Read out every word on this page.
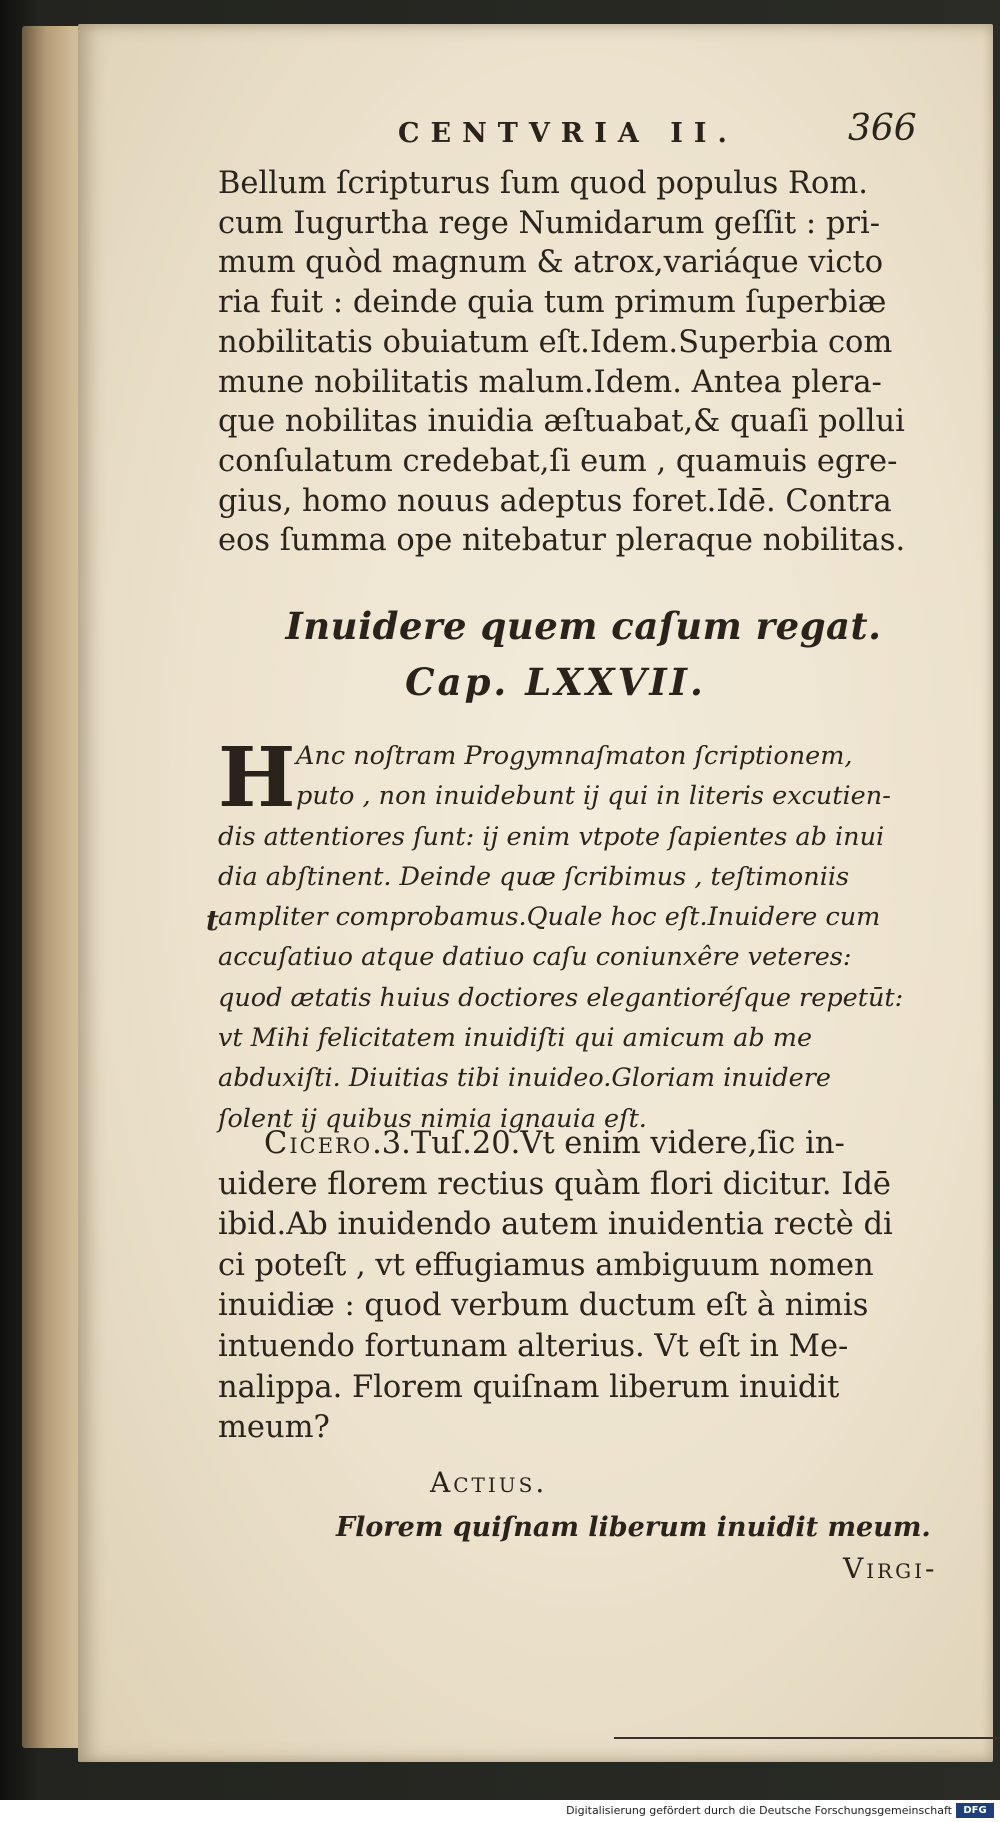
CENTVRIA II.	366
Bellum ſcripturus ſum quod populus Rom.
cum Iugurtha rege Numidarum geſſit : pri-
mum quòd magnum & atrox,variáque victo
ria fuit : deinde quia tum primum ſuperbiæ
nobilitatis obuiatum eſt.Idem.Superbia com
mune nobilitatis malum.Idem. Antea plera-
que nobilitas inuidia æſtuabat,& quaſi pollui
conſulatum credebat,ſi eum , quamuis egre-
gius, homo nouus adeptus foret.Idē. Contra
eos ſumma ope nitebatur pleraque nobilitas.
Inuidere quem caſum regat.
Cap. LXXVII.
H Anc noſtram Progymnaſmaton ſcriptionem,
puto , non inuidebunt ij qui in literis excutien-
dis attentiores ſunt: ij enim vtpote ſapientes ab inui
dia abſtinent. Deinde quæ ſcribimus , teſtimoniis
ampliter comprobamus.Quale hoc eſt.Inuidere cum
accuſatiuo atque datiuo caſu coniunxêre veteres:
quod ætatis huius doctiores elegantioréſque repetūt:
vt Mihi felicitatem inuidiſti qui amicum ab me
abduxiſti. Diuitias tibi inuideo.Gloriam inuidere
ſolent ij quibus nimia ignauia eſt.
t
Cicero.3.Tuſ.20.Vt enim videre,ſic in-
uidere florem rectius quàm flori dicitur. Idē
ibid.Ab inuidendo autem inuidentia rectè di
ci poteſt , vt effugiamus ambiguum nomen
inuidiæ : quod verbum ductum eſt à nimis
intuendo fortunam alterius. Vt eſt in Me-
nalippa. Florem quiſnam liberum inuidit
meum?
Actius.
Florem quiſnam liberum inuidit meum.
Virgi-
Digitalisierung gefördert durch die Deutsche Forschungsgemeinschaft	DFG
